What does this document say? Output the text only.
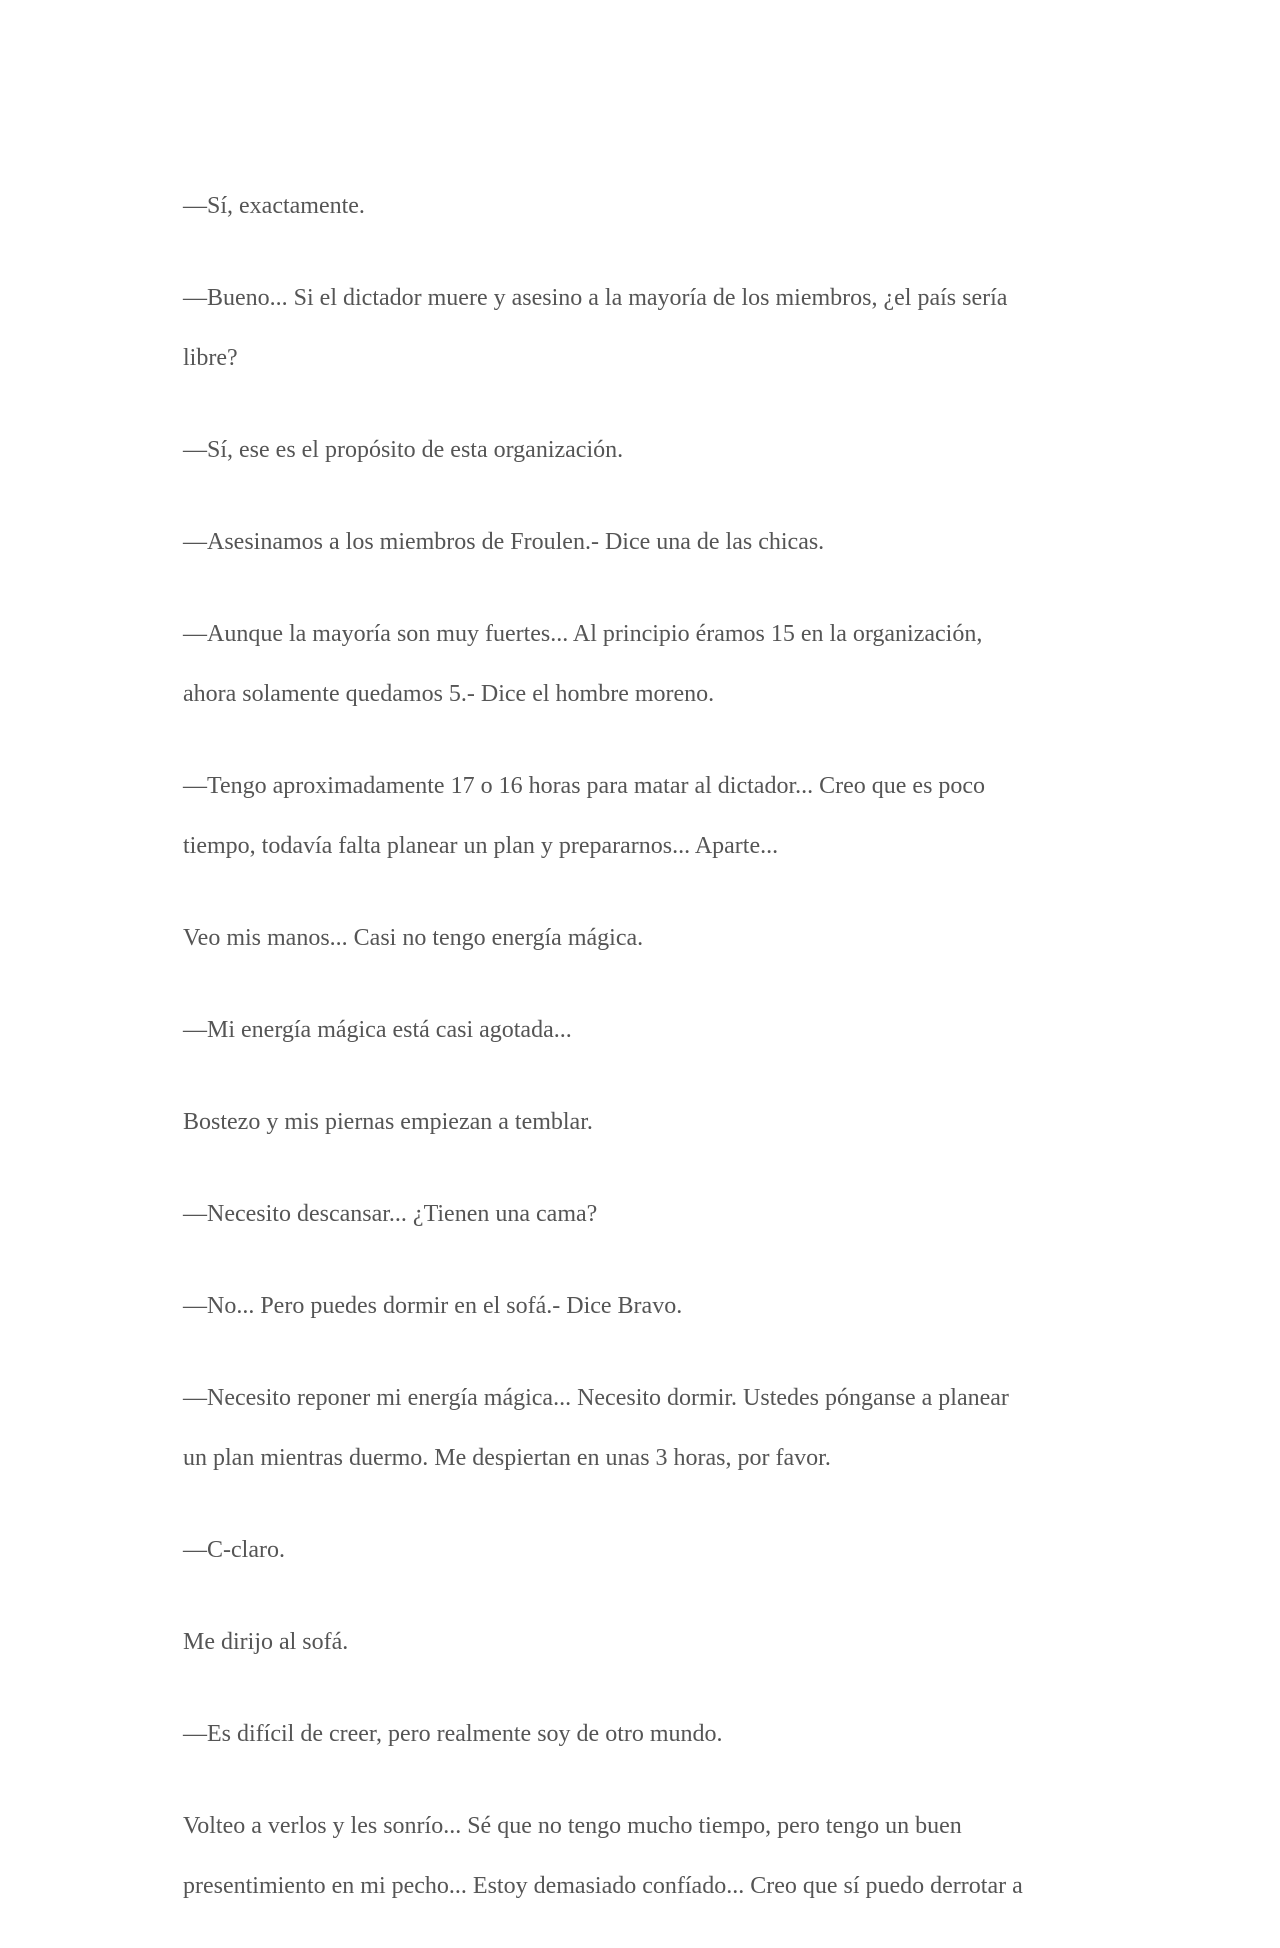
—Sí, exactamente.

—Bueno... Si el dictador muere y asesino a la mayoría de los miembros, ¿el país sería
libre?

—Sí, ese es el propósito de esta organización.

—Asesinamos a los miembros de Froulen.- Dice una de las chicas.

—Aunque la mayoría son muy fuertes... Al principio éramos 15 en la organización,
ahora solamente quedamos 5.- Dice el hombre moreno.

—Tengo aproximadamente 17 o 16 horas para matar al dictador... Creo que es poco
tiempo, todavía falta planear un plan y prepararnos... Aparte...

Veo mis manos... Casi no tengo energía mágica.

—Mi energía mágica está casi agotada...

Bostezo y mis piernas empiezan a temblar.

—Necesito descansar... ¿Tienen una cama?

—No... Pero puedes dormir en el sofá.- Dice Bravo.

—Necesito reponer mi energía mágica... Necesito dormir. Ustedes pónganse a planear
un plan mientras duermo. Me despiertan en unas 3 horas, por favor.

—C-claro.

Me dirijo al sofá.

—Es difícil de creer, pero realmente soy de otro mundo.

Volteo a verlos y les sonrío... Sé que no tengo mucho tiempo, pero tengo un buen
presentimiento en mi pecho... Estoy demasiado confíado... Creo que sí puedo derrotar a
